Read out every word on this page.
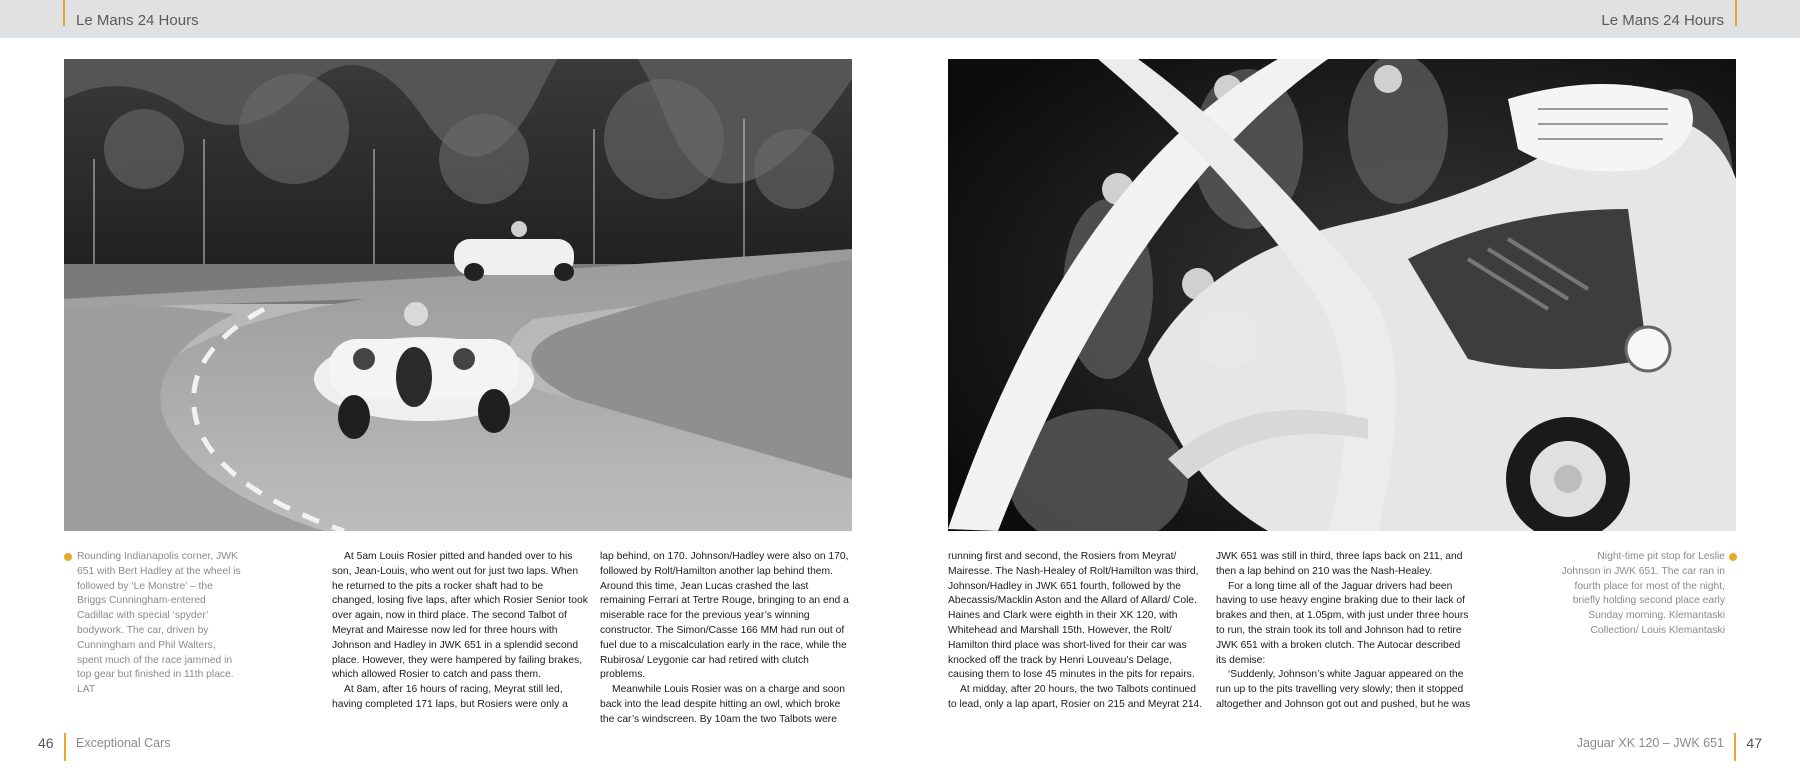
Le Mans 24 Hours	Le Mans 24 Hours

Rounding Indianapolis corner, JWK 651 with Bert Hadley at the wheel is followed by ‘Le Monstre’ – the Briggs Cunningham-entered Cadillac with special ‘spyder’ bodywork. The car, driven by Cunningham and Phil Walters, spent much of the race jammed in top gear but finished in 11th place. LAT

At 5am Louis Rosier pitted and handed over to his son, Jean-Louis, who went out for just two laps. When he returned to the pits a rocker shaft had to be changed, losing five laps, after which Rosier Senior took over again, now in third place. The second Talbot of Meyrat and Mairesse now led for three hours with Johnson and Hadley in JWK 651 in a splendid second place. However, they were hampered by failing brakes, which allowed Rosier to catch and pass them.

At 8am, after 16 hours of racing, Meyrat still led, having completed 171 laps, but Rosiers were only a

lap behind, on 170. Johnson/Hadley were also on 170, followed by Rolt/Hamilton another lap behind them. Around this time, Jean Lucas crashed the last remaining Ferrari at Tertre Rouge, bringing to an end a miserable race for the previous year’s winning constructor. The Simon/Casse 166 MM had run out of fuel due to a miscalculation early in the race, while the Rubirosa/ Leygonie car had retired with clutch problems.

Meanwhile Louis Rosier was on a charge and soon back into the lead despite hitting an owl, which broke the car’s windscreen. By 10am the two Talbots were

running first and second, the Rosiers from Meyrat/ Mairesse. The Nash-Healey of Rolt/Hamilton was third, Johnson/Hadley in JWK 651 fourth, followed by the Abecassis/Macklin Aston and the Allard of Allard/ Cole. Haines and Clark were eighth in their XK 120, with Whitehead and Marshall 15th. However, the Rolt/ Hamilton third place was short-lived for their car was knocked off the track by Henri Louveau’s Delage, causing them to lose 45 minutes in the pits for repairs.

At midday, after 20 hours, the two Talbots continued to lead, only a lap apart, Rosier on 215 and Meyrat 214.

JWK 651 was still in third, three laps back on 211, and then a lap behind on 210 was the Nash-Healey.

For a long time all of the Jaguar drivers had been having to use heavy engine braking due to their lack of brakes and then, at 1.05pm, with just under three hours to run, the strain took its toll and Johnson had to retire JWK 651 with a broken clutch. The Autocar described its demise:

‘Suddenly, Johnson’s white Jaguar appeared on the run up to the pits travelling very slowly; then it stopped altogether and Johnson got out and pushed, but he was

Night-time pit stop for Leslie Johnson in JWK 651. The car ran in fourth place for most of the night, briefly holding second place early Sunday morning. Klemantaski Collection/ Louis Klemantaski

46 Exceptional Cars	Jaguar XK 120 – JWK 651 47
